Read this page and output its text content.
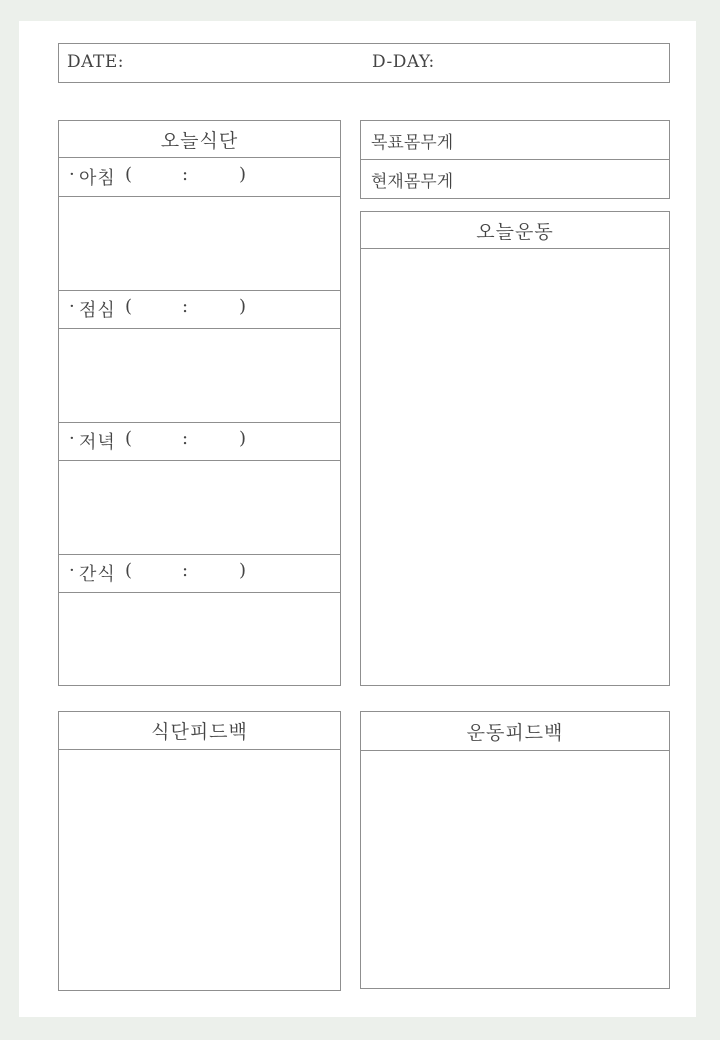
DATE:	D-DAY:
오늘식단
· 아침 (	:	)
· 점심 (	:	)
· 저녁 (	:	)
· 간식 (	:	)
목표몸무게
현재몸무게
오늘운동
식단피드백	운동피드백
